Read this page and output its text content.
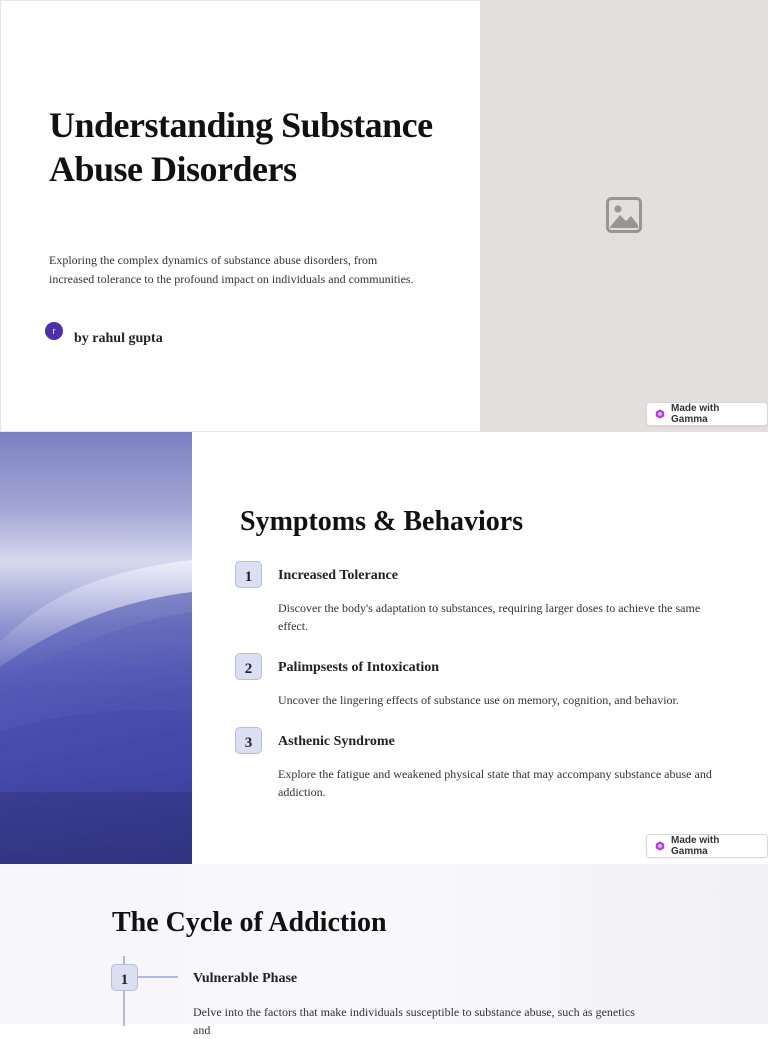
Understanding Substance Abuse Disorders

Exploring the complex dynamics of substance abuse disorders, from increased tolerance to the profound impact on individuals and communities.

r	by rahul gupta
Made with Gamma
Symptoms & Behaviors
1	Increased Tolerance
Discover the body's adaptation to substances, requiring larger doses to achieve the same effect.
2	Palimpsests of Intoxication
Uncover the lingering effects of substance use on memory, cognition, and behavior.
3	Asthenic Syndrome
Explore the fatigue and weakened physical state that may accompany substance abuse and addiction.
Made with Gamma
The Cycle of Addiction
1	Vulnerable Phase
Delve into the factors that make individuals susceptible to substance abuse, such as genetics and
